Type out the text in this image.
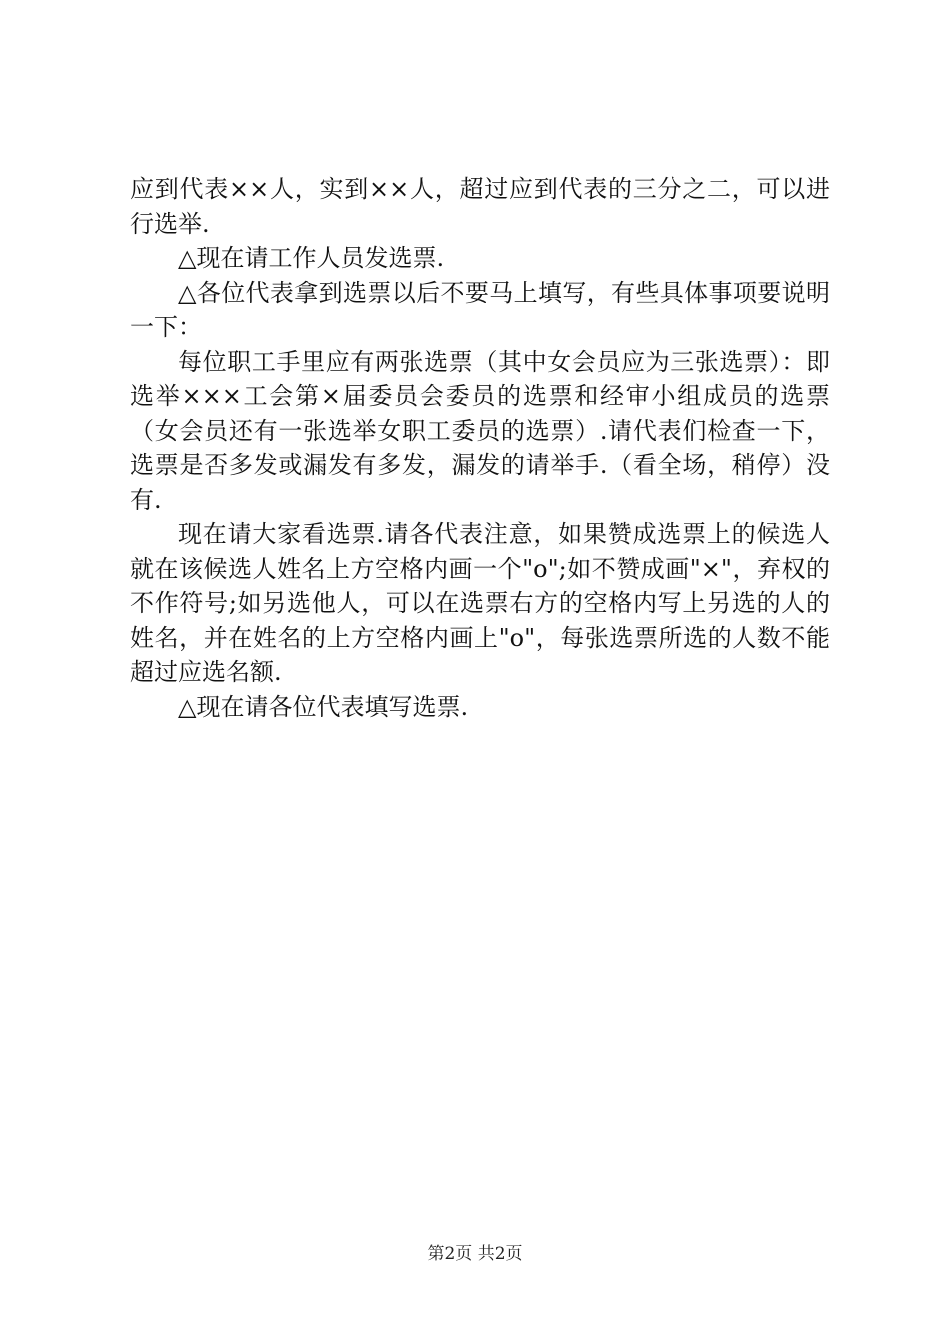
应到代表××人，实到××人，超过应到代表的三分之二，可以进行选举.

△现在请工作人员发选票.

△各位代表拿到选票以后不要马上填写，有些具体事项要说明一下：

每位职工手里应有两张选票（其中女会员应为三张选票）：即选举×××工会第×届委员会委员的选票和经审小组成员的选票（女会员还有一张选举女职工委员的选票）.请代表们检查一下，选票是否多发或漏发有多发，漏发的请举手.（看全场，稍停）没有.

现在请大家看选票.请各代表注意，如果赞成选票上的候选人就在该候选人姓名上方空格内画一个"o";如不赞成画"×"，弃权的不作符号;如另选他人，可以在选票右方的空格内写上另选的人的姓名，并在姓名的上方空格内画上"o"，每张选票所选的人数不能超过应选名额.

△现在请各位代表填写选票.

第2页 共2页
